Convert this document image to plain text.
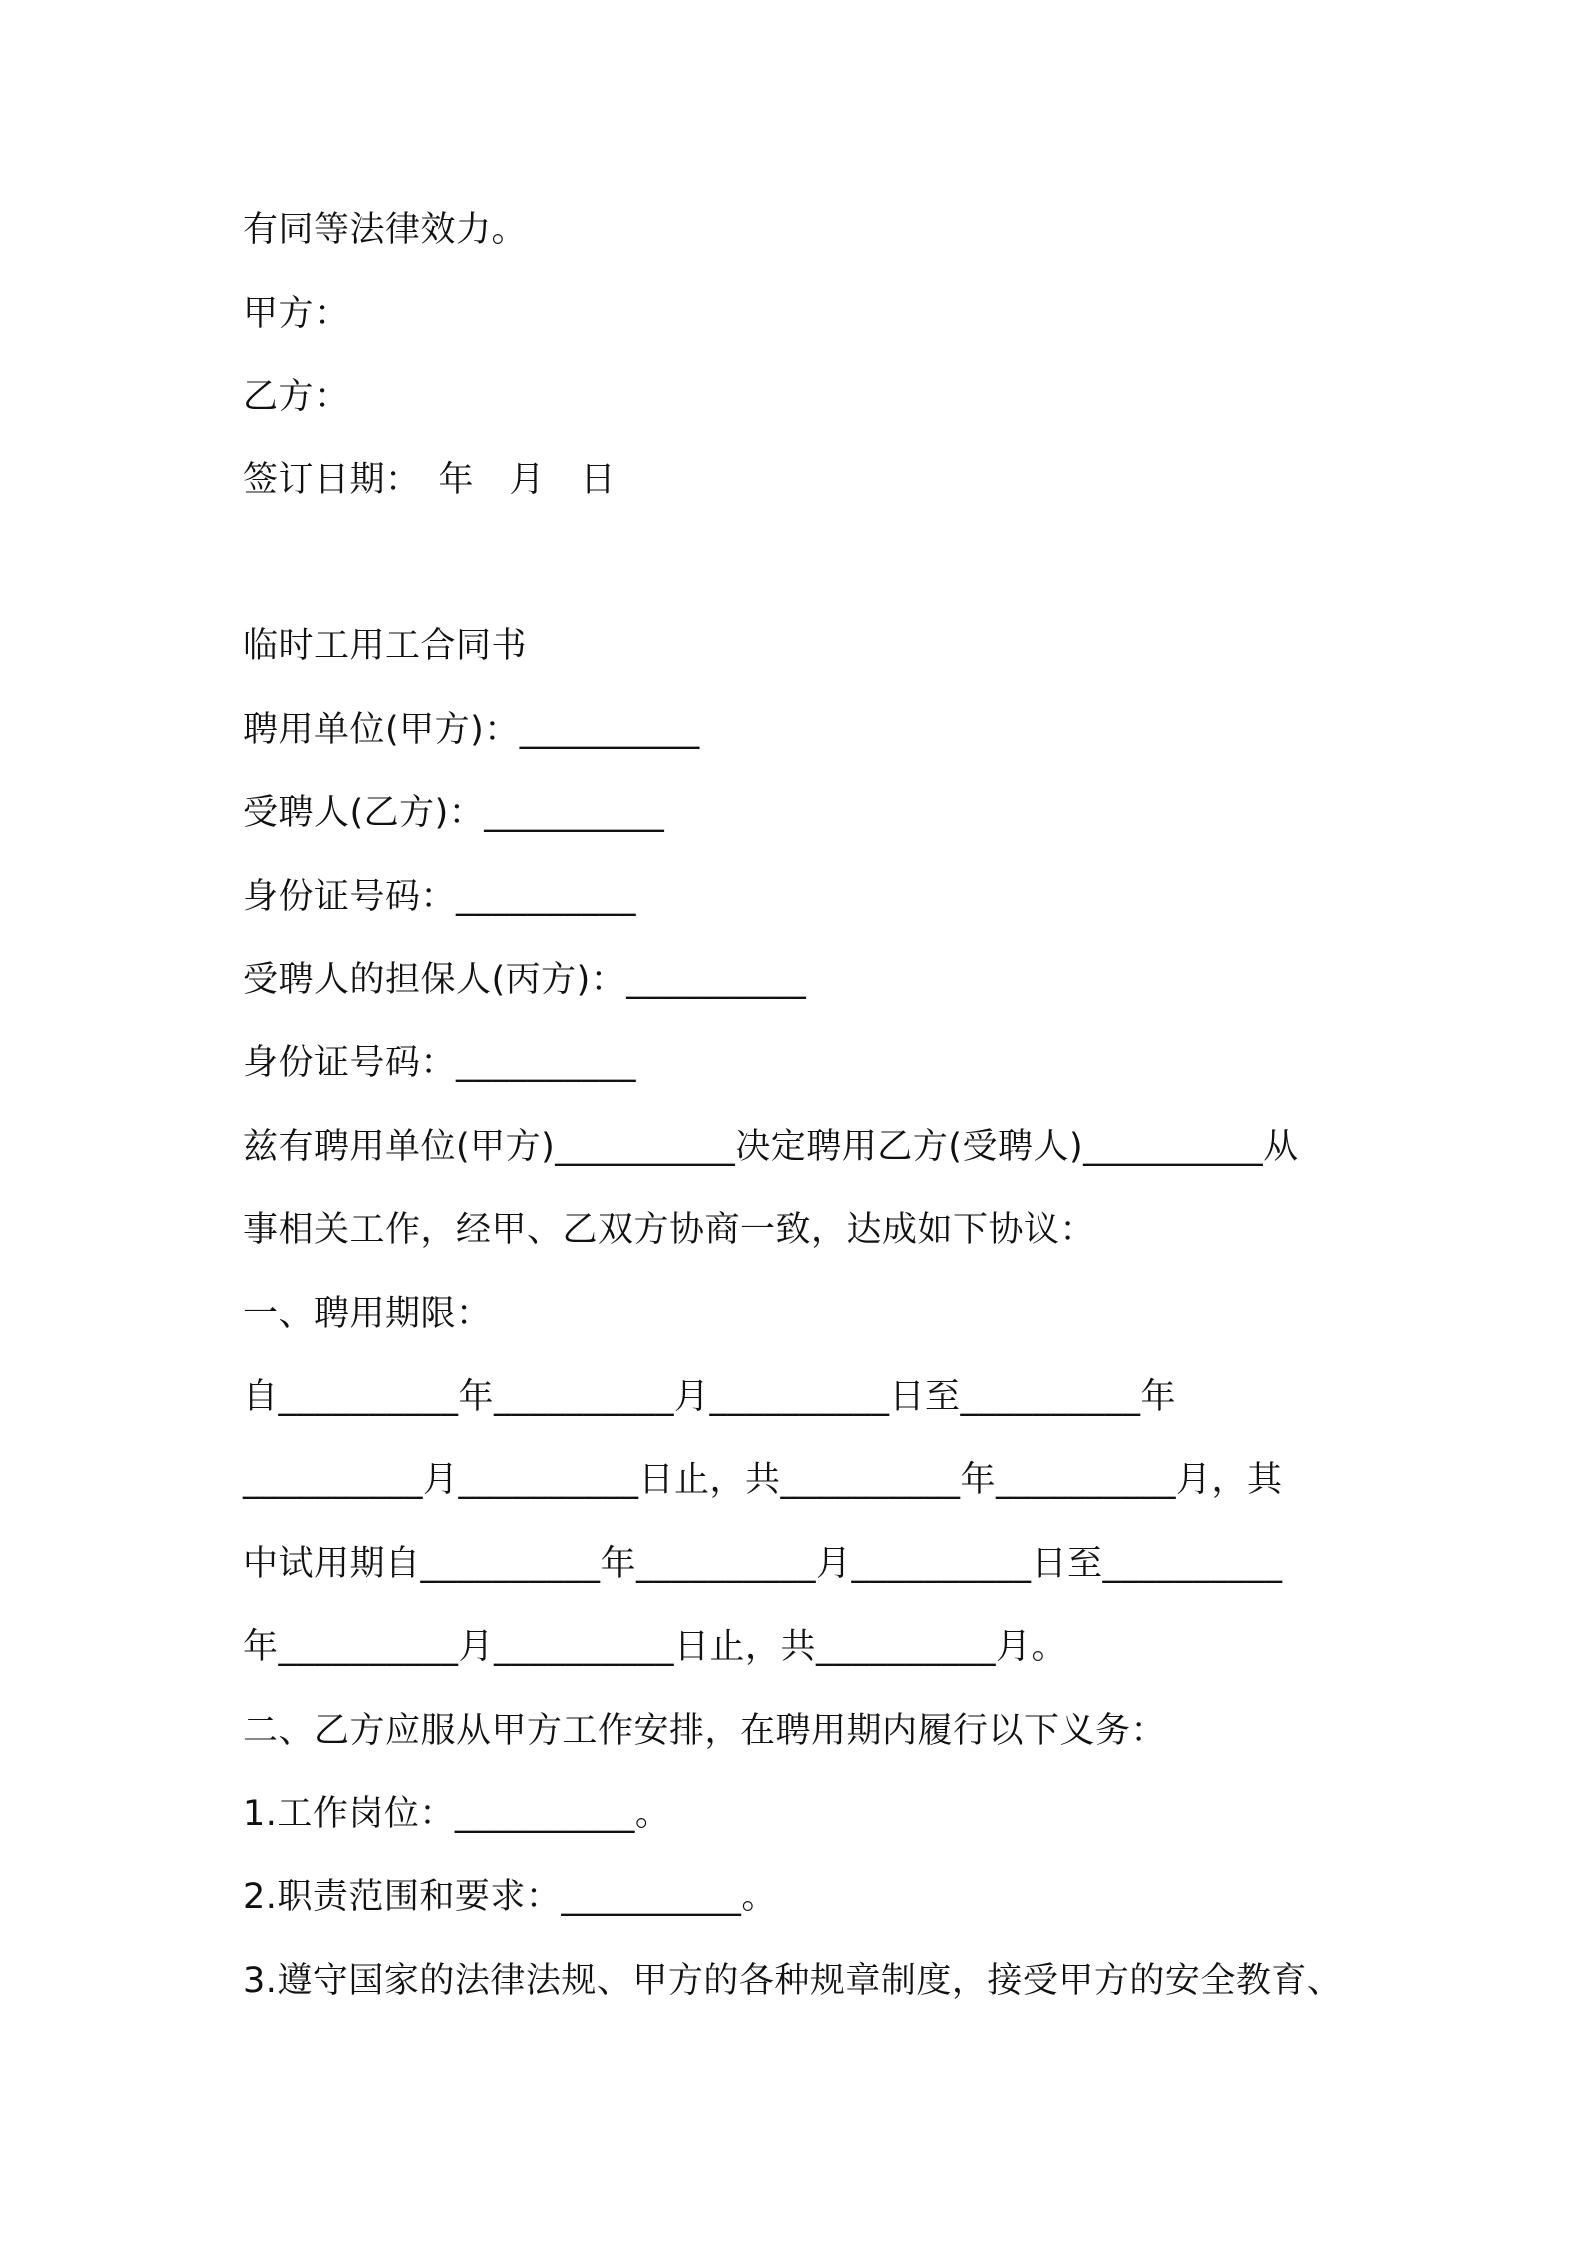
有同等法律效力。
甲方：
乙方：
签订日期：　年　月　日
临时工用工合同书
聘用单位(甲方)：__________
受聘人(乙方)：__________
身份证号码：__________
受聘人的担保人(丙方)：__________
身份证号码：__________
兹有聘用单位(甲方)__________决定聘用乙方(受聘人)__________从
事相关工作，经甲、乙双方协商一致，达成如下协议：
一、聘用期限：
自__________年__________月__________日至__________年
__________月__________日止，共__________年__________月，其
中试用期自__________年__________月__________日至__________
年__________月__________日止，共__________月。
二、乙方应服从甲方工作安排，在聘用期内履行以下义务：
1.工作岗位：__________。
2.职责范围和要求：__________。
3.遵守国家的法律法规、甲方的各种规章制度，接受甲方的安全教育、
